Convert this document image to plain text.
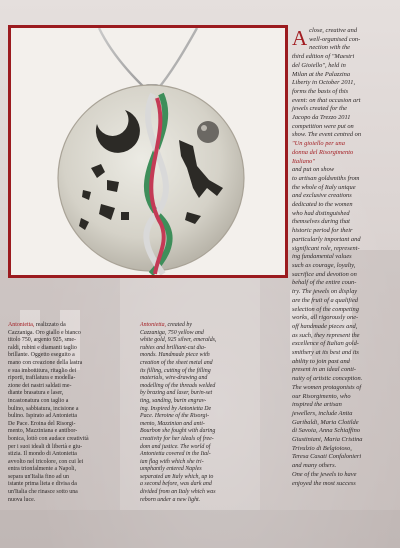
A close, creative and
well-organised con-
nection with the
third edition of "Maestri
del Gioiello", held in
Milan at the Palazzina
Liberty in October 2011,
forms the basis of this
event: on that occasion art
jewels created for the
Jacopo da Trezzo 2011
competition were put on
show. The event centred on
"Un gioiello per una
donna del Risorgimento
Italiano"
and put on show
to artisan goldsmiths from
the whole of Italy unique
and exclusive creations
dedicated to the women
who had distinguished
themselves during that
historic period for their
particularly important and
significant role, represent-
ing fundamental values
such as courage, loyalty,
sacrifice and devotion on
behalf of the entire coun-
try. The jewels on display
are the fruit of a qualified
selection of the competing
works, all rigorously one-
off handmade pieces and,
as such, they represent the
excellence of Italian gold-
smithery at its best and its
ability to join past and
present in an ideal conti-
nuity of artistic conception.
The women protagonists of
our Risorgimento, who
inspired the artisan
jewellers, include Anita
Garibaldi, Maria Clotilde
di Savoia, Anna Schiaffino
Giustiniani, Maria Cristina
Trivulzio di Belgioioso,
Teresa Casati Confalonieri
and many others.
One of the jewels to have
enjoyed the most success
Antonietta, realizzato da
Cazzaniga. Oro giallo e bianco
titolo 750, argento 925, sme-
raldi, rubini e diamanti taglio
brillante. Oggetto eseguito a
mano con creazione della lastra
e sua imbottitura, ritaglio dei
riporti, trafilatura e modella-
zione dei nastri saldati me-
diante brasatura e laser,
incastonatura con taglio a
bulino, sabbiatura, incisione a
bulino. Ispirato ad Antonietta
De Pace. Eroina del Risorgi-
mento, Mazziniana e antibor-
bonica, lottò con audace creatività
per i suoi ideali di libertà e giu-
stizia. Il mondo di Antonietta
avvolto nel tricolore, con cui lei
entra trionfalmente a Napoli,
separa un'Italia fino ad un
istante prima lieta e divisa da
un'Italia che rinasce sotto una
nuova luce.
Antonietta, created by
Cazzaniga, 750 yellow and
white gold, 925 silver, emeralds,
rubies and brilliant-cut dia-
monds. Handmade piece with
creation of the sheet metal and
its filling, cutting of the filling
materials, wire-drawing and
modelling of the threads welded
by brazing and laser, burin-set
ting, sanding, burin engrav-
ing. Inspired by Antonietta De
Pace. Heroine of the Risorgi-
mento, Mazzinian and anti-
Bourbon she fought with daring
creativity for her ideals of free-
dom and justice. The world of
Antonietta covered in the Ital-
ian flag with which she tri-
umphantly entered Naples
separated an Italy which, up to
a second before, was dark and
divided from an Italy which was
reborn under a new light.
